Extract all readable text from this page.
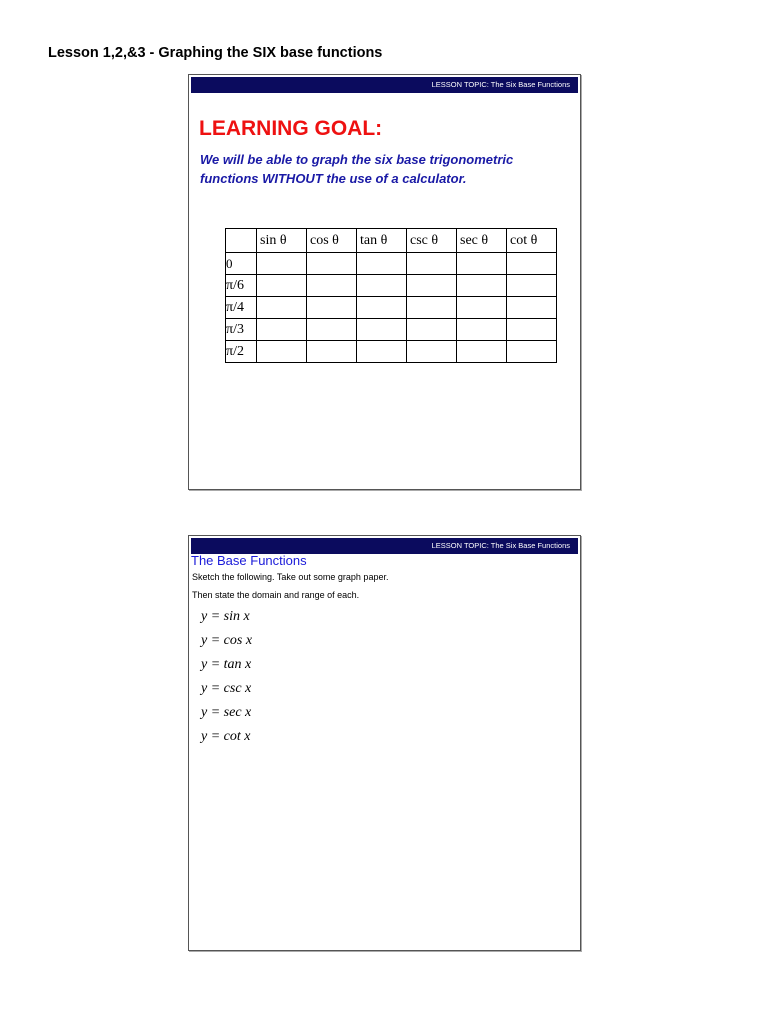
Lesson 1,2,&3 - Graphing the SIX base functions
LESSON TOPIC: The Six Base Functions
LEARNING GOAL:
We will be able to graph the six base trigonometric
functions WITHOUT the use of a calculator.
	sin θ	cos θ	tan θ	csc θ	sec θ	cot θ
0						
π/6						
π/4						
π/3						
π/2						
LESSON TOPIC: The Six Base Functions
The Base Functions
Sketch the following. Take out some graph paper.
Then state the domain and range of each.
y = sin x
y = cos x
y = tan x
y = csc x
y = sec x
y = cot x
